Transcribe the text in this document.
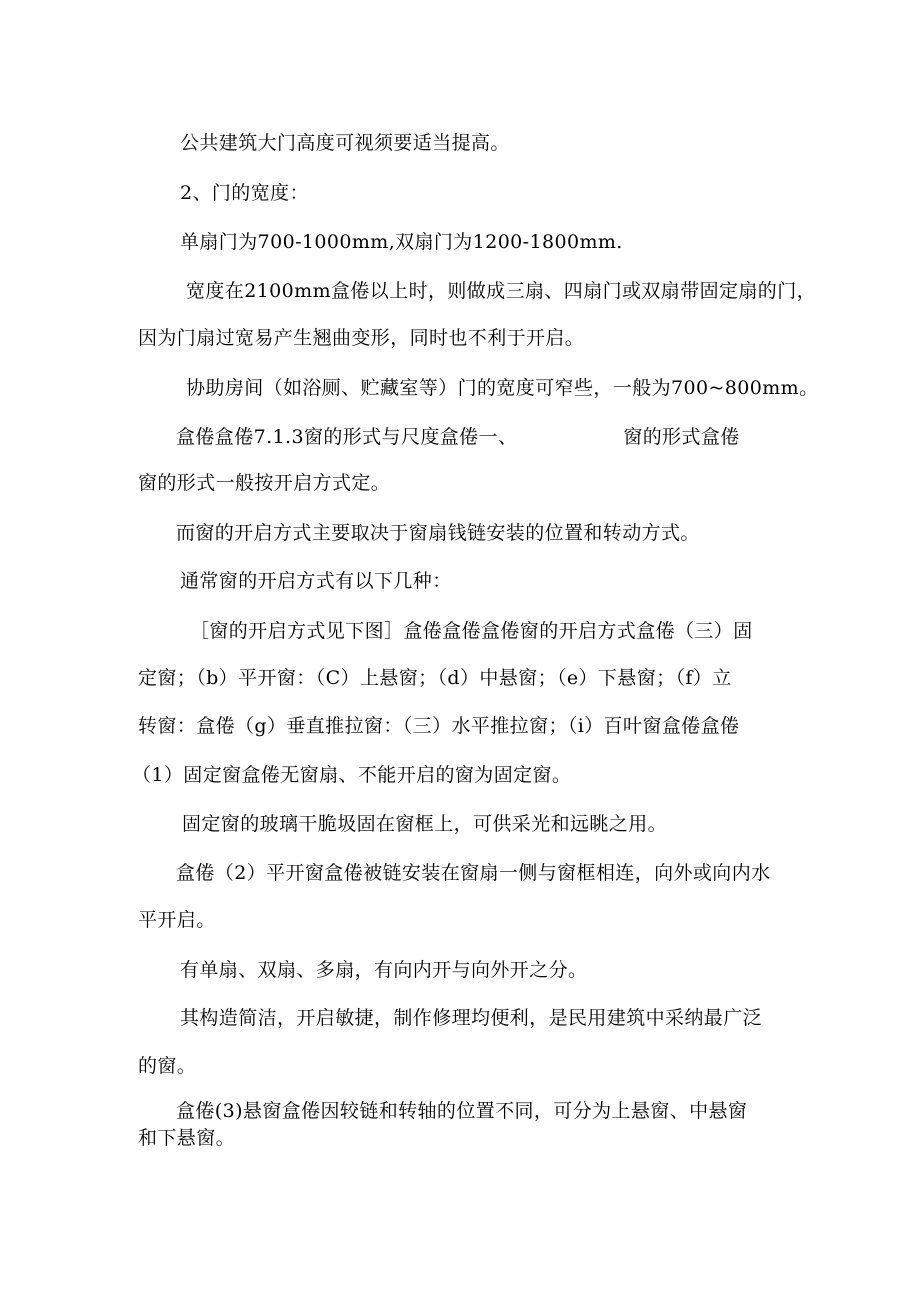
公共建筑大门高度可视须要适当提高。
2、门的宽度：
单扇门为700-1000mm,双扇门为1200-1800mm.
宽度在2100mm盒倦以上时，则做成三扇、四扇门或双扇带固定扇的门，
因为门扇过宽易产生翘曲变形，同时也不利于开启。
协助房间（如浴厕、贮藏室等）门的宽度可窄些，一般为700~800mm。
盒倦盒倦7.1.3窗的形式与尺度盒倦一、	窗的形式盒倦
窗的形式一般按开启方式定。
而窗的开启方式主要取决于窗扇钱链安装的位置和转动方式。
通常窗的开启方式有以下几种：
［窗的开启方式见下图］盒倦盒倦盒倦窗的开启方式盒倦（三）固
定窗；（b）平开窗：（C）上悬窗；（d）中悬窗；（e）下悬窗；（f）立
转窗：盒倦（g）垂直推拉窗：（三）水平推拉窗；（i）百叶窗盒倦盒倦
（1）固定窗盒倦无窗扇、不能开启的窗为固定窗。
固定窗的玻璃干脆圾固在窗框上，可供采光和远眺之用。
盒倦（2）平开窗盒倦被链安装在窗扇一侧与窗框相连，向外或向内水
平开启。
有单扇、双扇、多扇，有向内开与向外开之分。
其构造简洁，开启敏捷，制作修理均便利，是民用建筑中采纳最广泛
的窗。
盒倦(3)悬窗盒倦因较链和转轴的位置不同，可分为上悬窗、中悬窗
和下悬窗。
